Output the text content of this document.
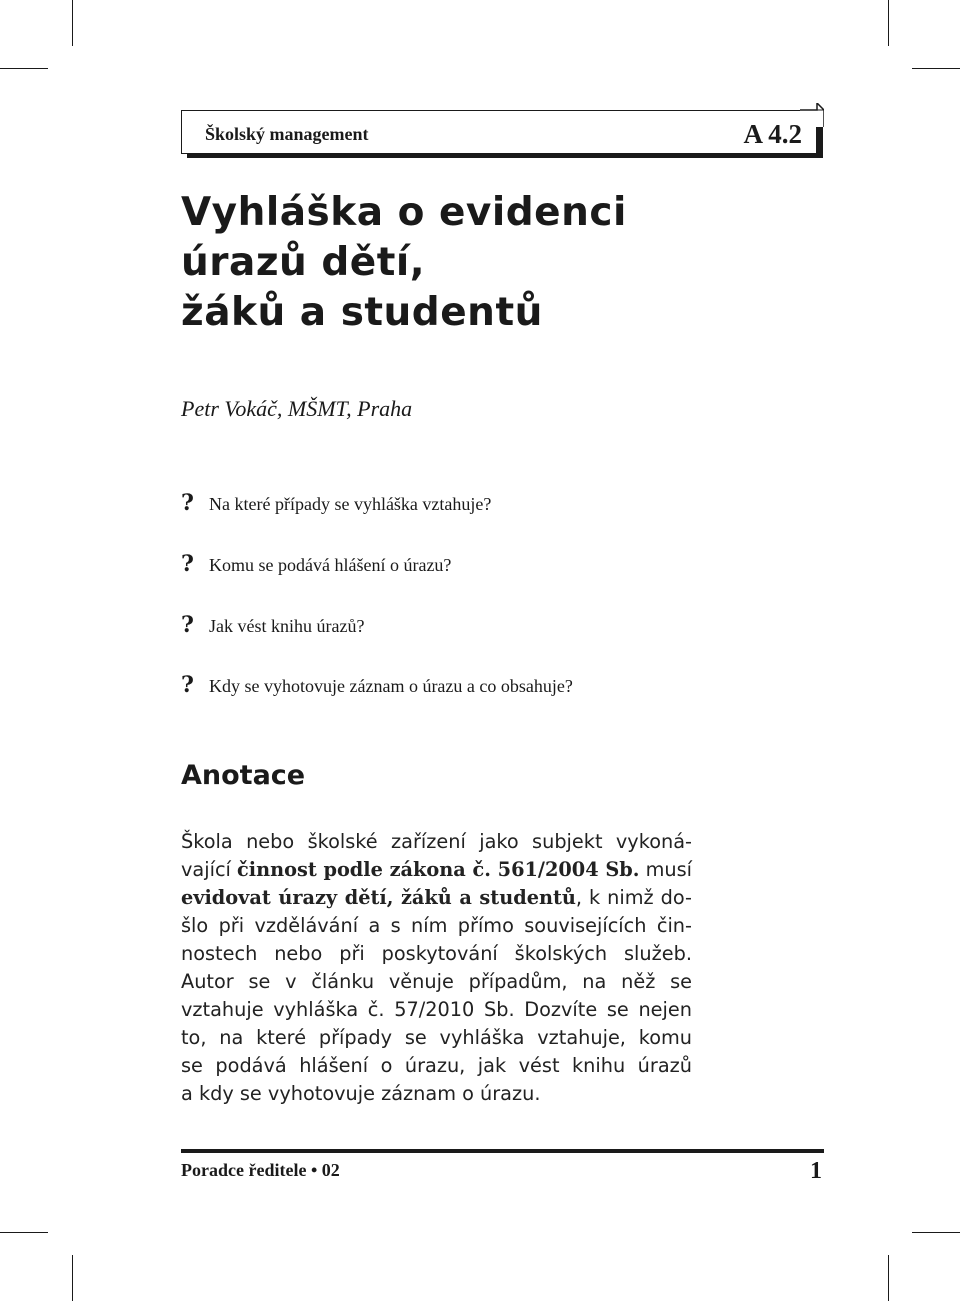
Školský management	A 4.2
Vyhláška o evidenci
úrazů dětí,
žáků a studentů
Petr Vokáč, MŠMT, Praha
? Na které případy se vyhláška vztahuje?
? Komu se podává hlášení o úrazu?
? Jak vést knihu úrazů?
? Kdy se vyhotovuje záznam o úrazu a co obsahuje?
Anotace

Škola nebo školské zařízení jako subjekt vykoná-
vající činnost podle zákona č. 561/2004 Sb. musí
evidovat úrazy dětí, žáků a studentů, k nimž do-
šlo při vzdělávání a s ním přímo souvisejících čin-
nostech nebo při poskytování školských služeb.
Autor se v článku věnuje případům, na něž se
vztahuje vyhláška č. 57/2010 Sb. Dozvíte se nejen
to, na které případy se vyhláška vztahuje, komu
se podává hlášení o úrazu, jak vést knihu úrazů
a kdy se vyhotovuje záznam o úrazu.

Poradce ředitele • 02	1
